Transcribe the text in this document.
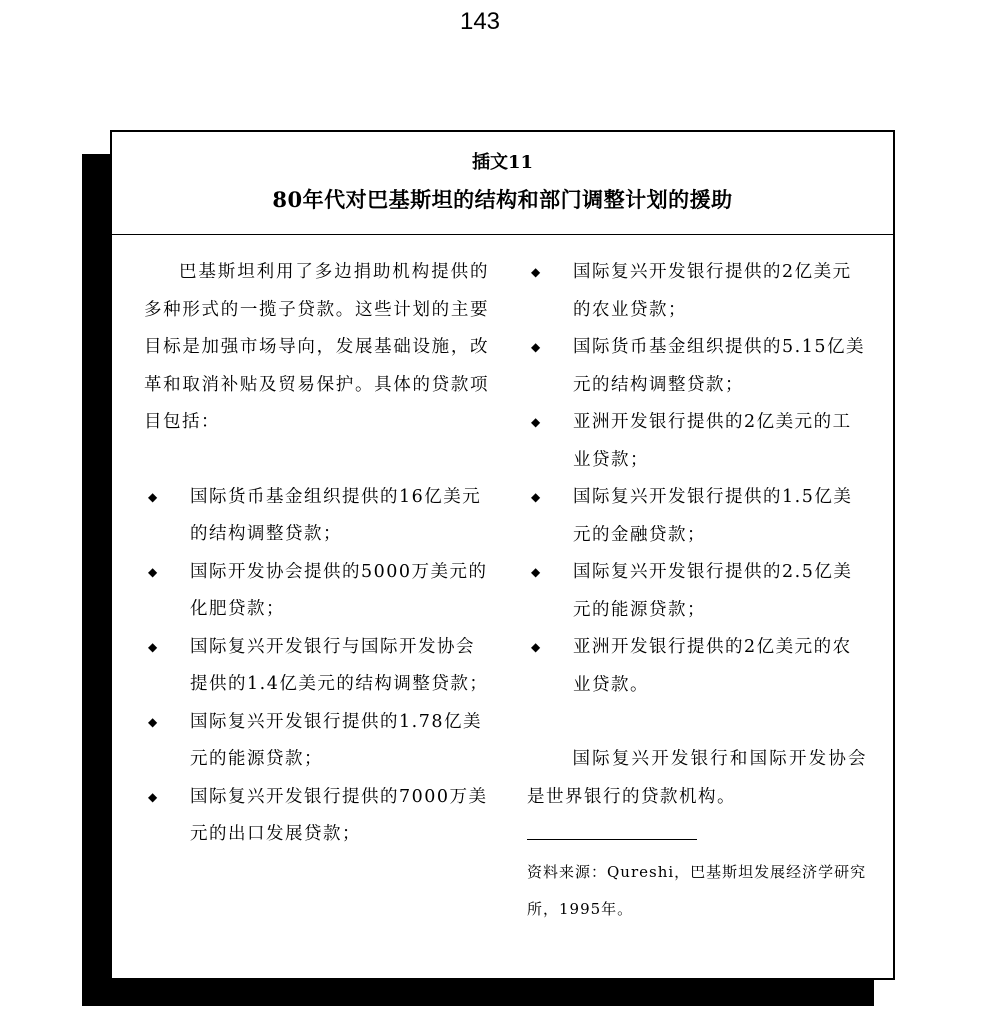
143
插文11
80年代对巴基斯坦的结构和部门调整计划的援助

巴基斯坦利用了多边捐助机构提供的多种形式的一揽子贷款。这些计划的主要目标是加强市场导向，发展基础设施，改革和取消补贴及贸易保护。具体的贷款项目包括：

◆ 国际货币基金组织提供的16亿美元的结构调整贷款；
◆ 国际开发协会提供的5000万美元的化肥贷款；
◆ 国际复兴开发银行与国际开发协会提供的1.4亿美元的结构调整贷款；
◆ 国际复兴开发银行提供的1.78亿美元的能源贷款；
◆ 国际复兴开发银行提供的7000万美元的出口发展贷款；
◆ 国际复兴开发银行提供的2亿美元的农业贷款；
◆ 国际货币基金组织提供的5.15亿美元的结构调整贷款；
◆ 亚洲开发银行提供的2亿美元的工业贷款；
◆ 国际复兴开发银行提供的1.5亿美元的金融贷款；
◆ 国际复兴开发银行提供的2.5亿美元的能源贷款；
◆ 亚洲开发银行提供的2亿美元的农业贷款。

国际复兴开发银行和国际开发协会是世界银行的贷款机构。

资料来源：Qureshi，巴基斯坦发展经济学研究所，1995年。
